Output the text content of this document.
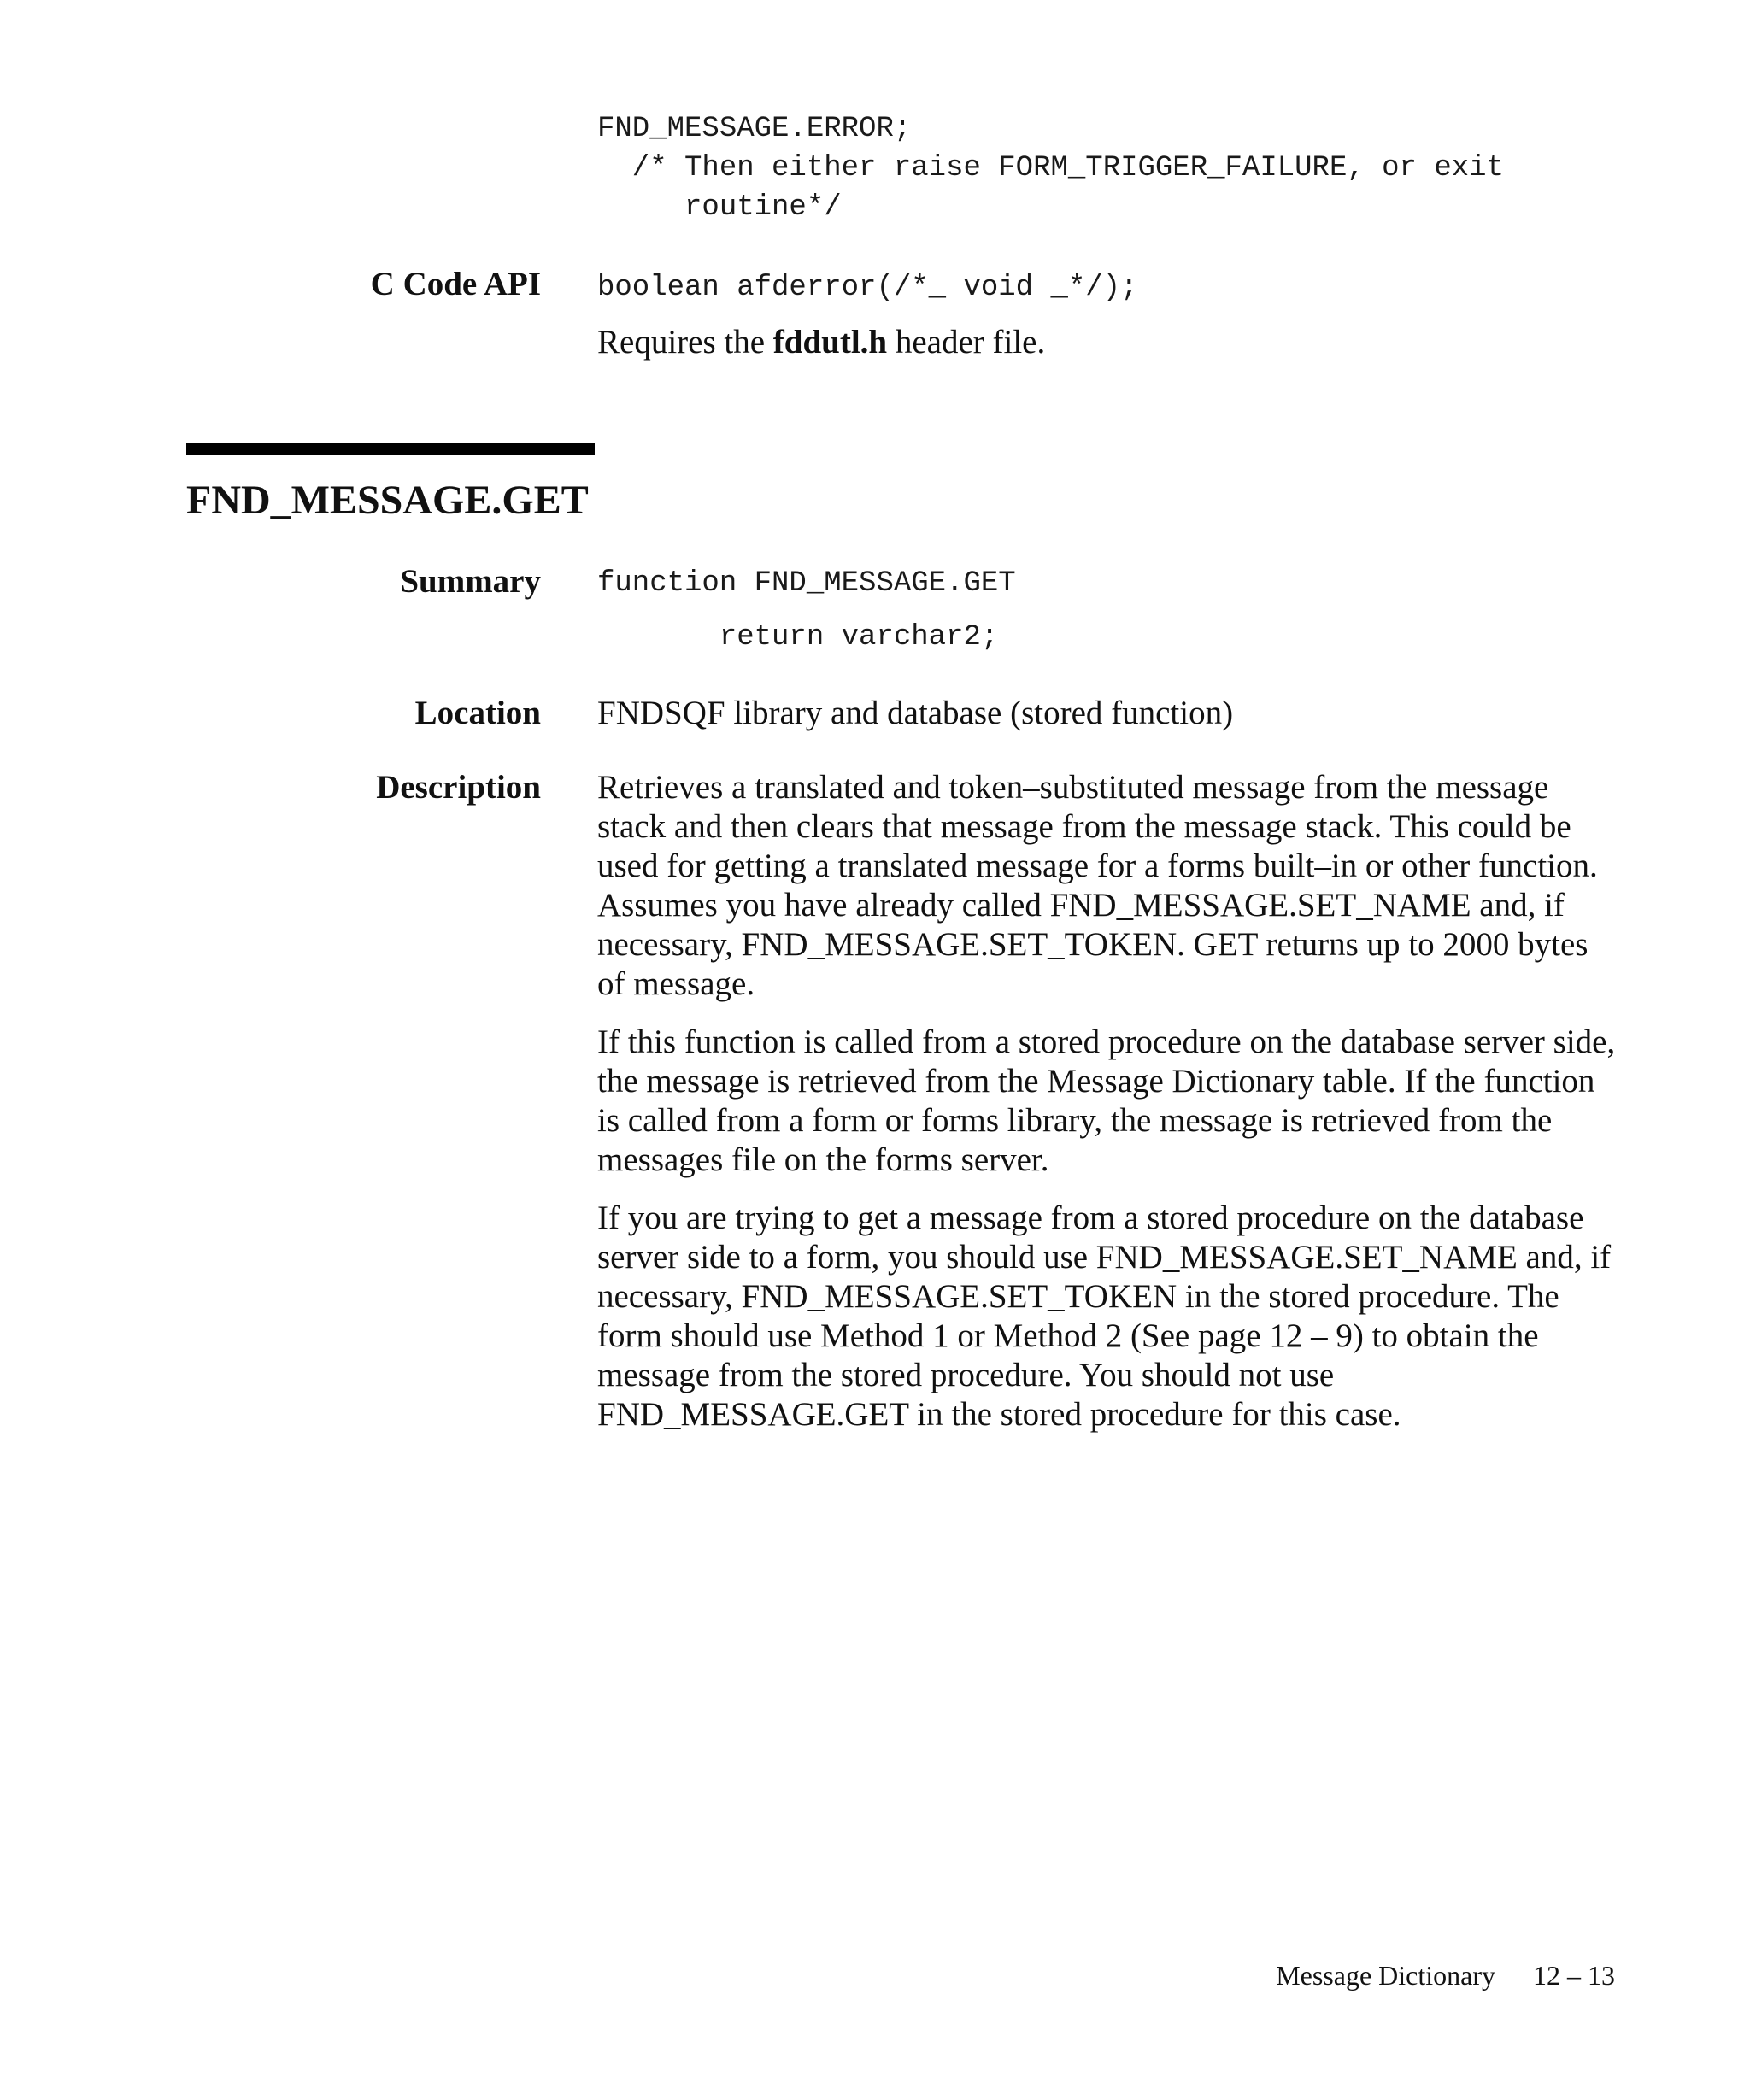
FND_MESSAGE.ERROR;
/* Then either raise FORM_TRIGGER_FAILURE, or exit
routine*/
C Code API boolean afderror(/*_ void _*/);

Requires the fddutl.h header file.

FND_MESSAGE.GET
Summary function FND_MESSAGE.GET
return varchar2;
Location FNDSQF library and database (stored function)

Description Retrieves a translated and token–substituted message from the message stack and then clears that message from the message stack. This could be used for getting a translated message for a forms built–in or other function. Assumes you have already called FND_MESSAGE.SET_NAME and, if necessary, FND_MESSAGE.SET_TOKEN. GET returns up to 2000 bytes of message.

If this function is called from a stored procedure on the database server side, the message is retrieved from the Message Dictionary table. If the function is called from a form or forms library, the message is retrieved from the messages file on the forms server.

If you are trying to get a message from a stored procedure on the database server side to a form, you should use FND_MESSAGE.SET_NAME and, if necessary, FND_MESSAGE.SET_TOKEN in the stored procedure. The form should use Method 1 or Method 2 (See page 12 – 9) to obtain the message from the stored procedure. You should not use FND_MESSAGE.GET in the stored procedure for this case.

Message Dictionary 12 – 13
